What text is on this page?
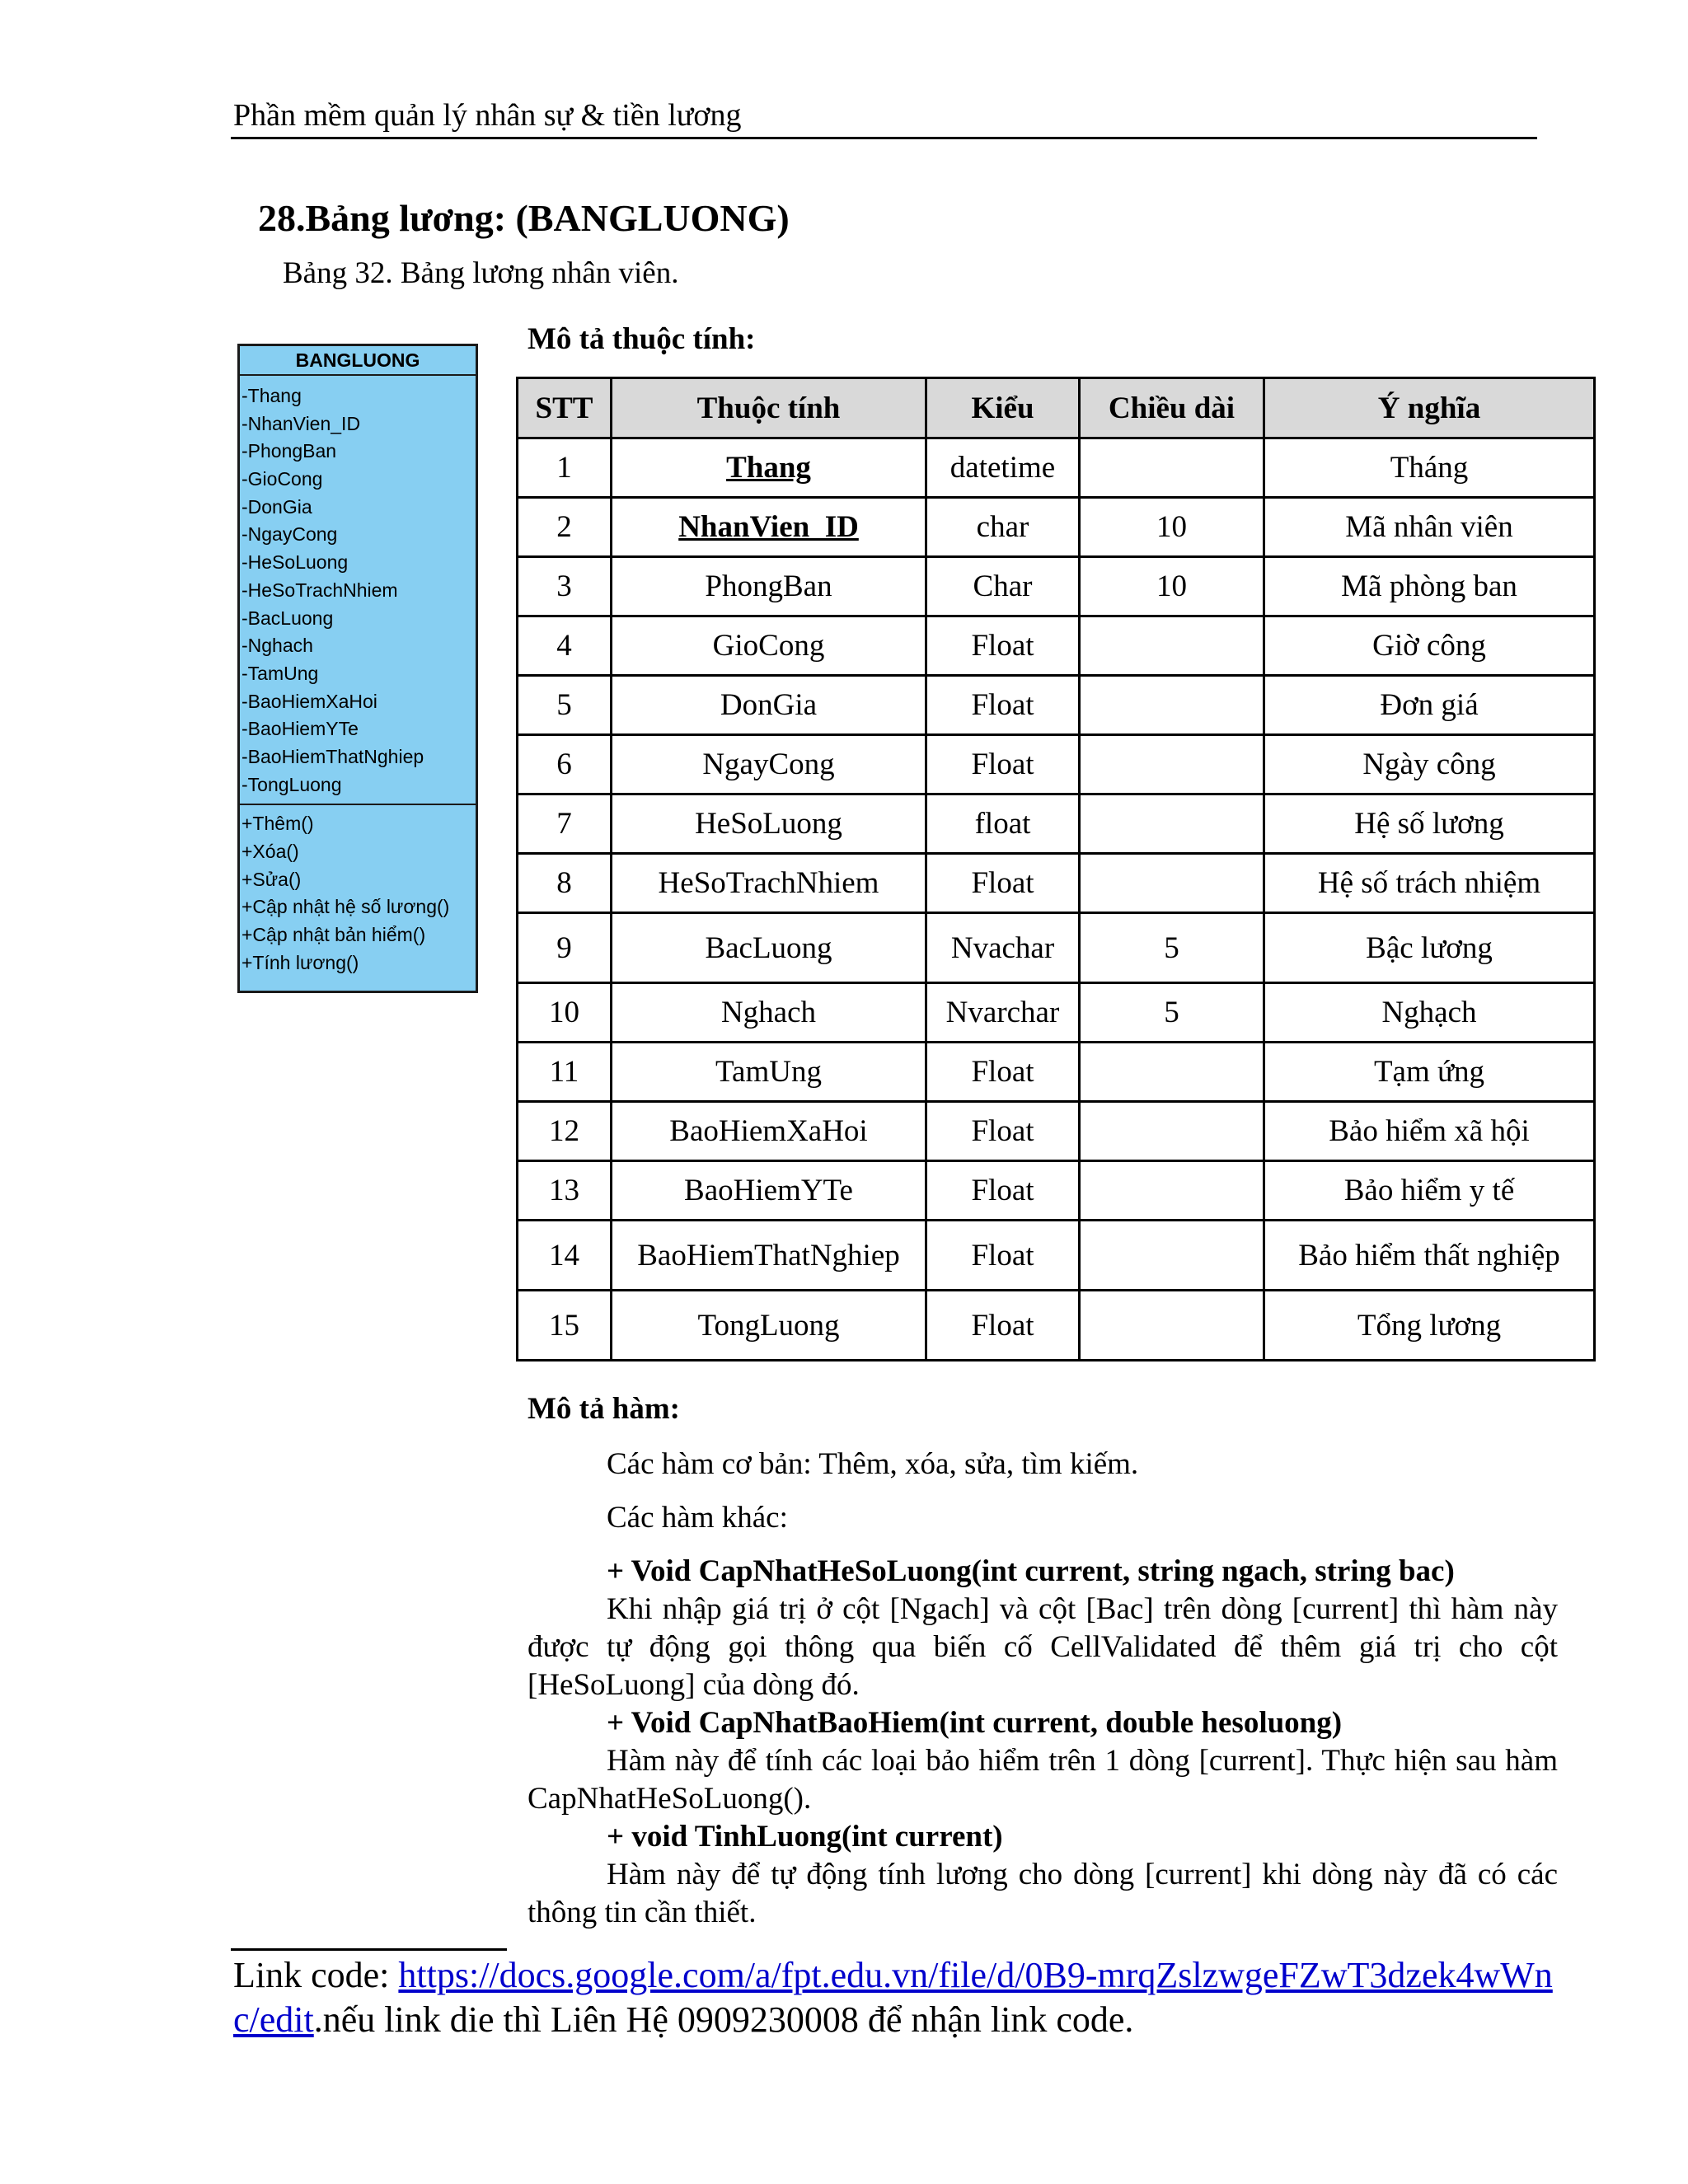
Phần mềm quản lý nhân sự & tiền lương
28.Bảng lương: (BANGLUONG)
Bảng 32. Bảng lương nhân viên.
Mô tả thuộc tính:
BANGLUONG
-Thang
-NhanVien_ID
-PhongBan
-GioCong
-DonGia
-NgayCong
-HeSoLuong
-HeSoTrachNhiem
-BacLuong
-Nghach
-TamUng
-BaoHiemXaHoi
-BaoHiemYTe
-BaoHiemThatNghiep
-TongLuong
+Thêm()
+Xóa()
+Sửa()
+Cập nhật hệ số lương()
+Cập nhật bản hiểm()
+Tính lương()
STT	Thuộc tính	Kiểu	Chiều dài	Ý nghĩa
1	Thang	datetime		Tháng
2	NhanVien_ID	char	10	Mã nhân viên
3	PhongBan	Char	10	Mã phòng ban
4	GioCong	Float		Giờ công
5	DonGia	Float		Đơn giá
6	NgayCong	Float		Ngày công
7	HeSoLuong	float		Hệ số lương
8	HeSoTrachNhiem	Float		Hệ số trách nhiệm
9	BacLuong	Nvachar	5	Bậc lương
10	Nghach	Nvarchar	5	Nghạch
11	TamUng	Float		Tạm ứng
12	BaoHiemXaHoi	Float		Bảo hiểm xã hội
13	BaoHiemYTe	Float		Bảo hiểm y tế
14	BaoHiemThatNghiep	Float		Bảo hiểm thất nghiệp
15	TongLuong	Float		Tổng lương
Mô tả hàm:
Các hàm cơ bản: Thêm, xóa, sửa, tìm kiếm.
Các hàm khác:
+ Void CapNhatHeSoLuong(int current, string ngach, string bac)
Khi nhập giá trị ở cột [Ngach] và cột [Bac] trên dòng [current] thì hàm này được tự động gọi thông qua biến cố CellValidated để thêm giá trị cho cột [HeSoLuong] của dòng đó.
+ Void CapNhatBaoHiem(int current, double hesoluong)
Hàm này để tính các loại bảo hiểm trên 1 dòng [current]. Thực hiện sau hàm CapNhatHeSoLuong().
+ void TinhLuong(int current)
Hàm này để tự động tính lương cho dòng [current] khi dòng này đã có các thông tin cần thiết.
Link code: https://docs.google.com/a/fpt.edu.vn/file/d/0B9-mrqZslzwgeFZwT3dzek4wWnc/edit.nếu link die thì Liên Hệ 0909230008 để nhận link code.
